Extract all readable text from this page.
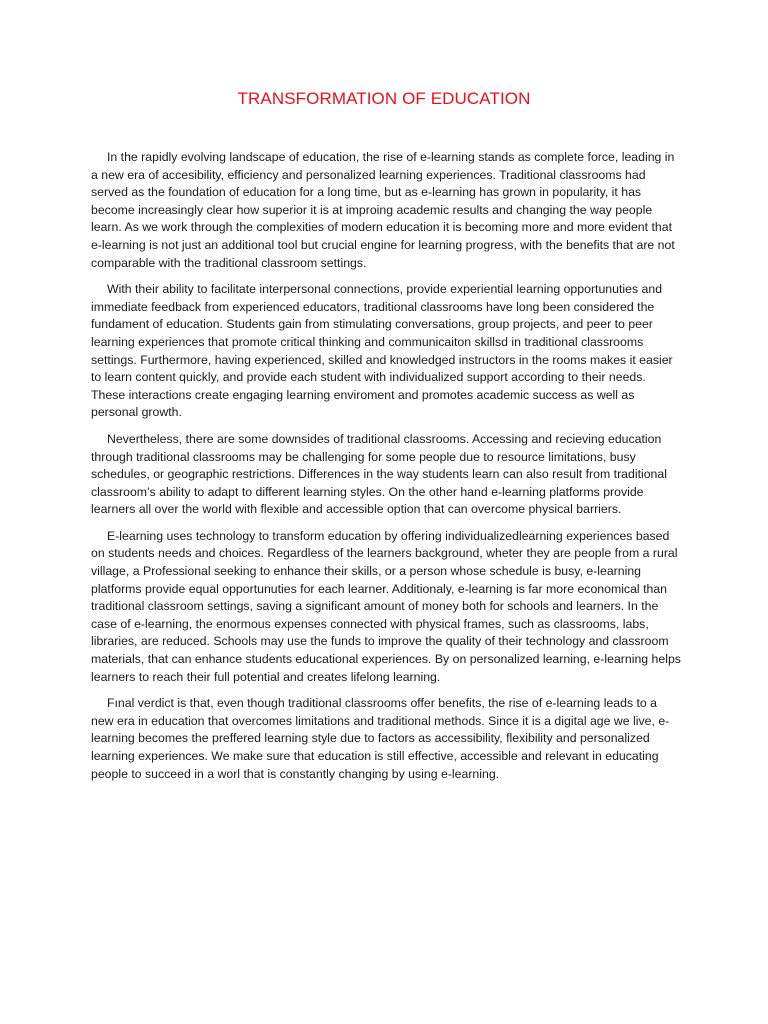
TRANSFORMATION OF EDUCATION

In the rapidly evolving landscape of education, the rise of e-learning stands as complete force, leading in a new era of accesibility, efficiency and personalized learning experiences. Traditional classrooms had served as the foundation of education for a long time, but as e-learning has grown in popularity, it has become increasingly clear how superior it is at improing academic results and changing the way people learn. As we work through the complexities of modern education it is becoming more and more evident that e-learning is not just an additional tool but crucial engine for learning progress, with the benefits that are not comparable with the traditional classroom settings.

With their ability to facilitate interpersonal connections, provide experiential learning opportunuties and immediate feedback from experienced educators, traditional classrooms have long been considered the fundament of education. Students gain from stimulating conversations, group projects, and peer to peer learning experiences that promote critical thinking and communicaiton skillsd in traditional classrooms settings. Furthermore, having experienced, skilled and knowledged instructors in the rooms makes it easier to learn content quickly, and provide each student with individualized support according to their needs. These interactions create engaging learning enviroment and promotes academic success as well as personal growth.

Nevertheless, there are some downsides of traditional classrooms. Accessing and recieving education through traditional classrooms may be challenging for some people due to resource limitations, busy schedules, or geographic restrictions. Differences in the way students learn can also result from traditional classroom’s ability to adapt to different learning styles. On the other hand e-learning platforms provide learners all over the world with flexible and accessible option that can overcome physical barriers.

E-learning uses technology to transform education by offering individualizedlearning experiences based on students needs and choices. Regardless of the learners background, wheter they are people from a rural village, a Professional seeking to enhance their skills, or a person whose schedule is busy, e-learning platforms provide equal opportunuties for each learner. Additionaly, e-learning is far more economical than traditional classroom settings, saving a significant amount of money both for schools and learners. In the case of e-learning, the enormous expenses connected with physical frames, such as classrooms, labs, libraries, are reduced. Schools may use the funds to improve the quality of their technology and classroom materials, that can enhance students educational experiences. By on personalized learning, e-learning helps learners to reach their full potential and creates lifelong learning.

Fınal verdict is that, even though traditional classrooms offer benefits, the rise of e-learning leads to a new era in education that overcomes limitations and traditional methods. Since it is a digital age we live, e-learning becomes the preffered learning style due to factors as accessibility, flexibility and personalized learning experiences. We make sure that education is still effective, accessible and relevant in educating people to succeed in a worl that is constantly changing by using e-learning.
